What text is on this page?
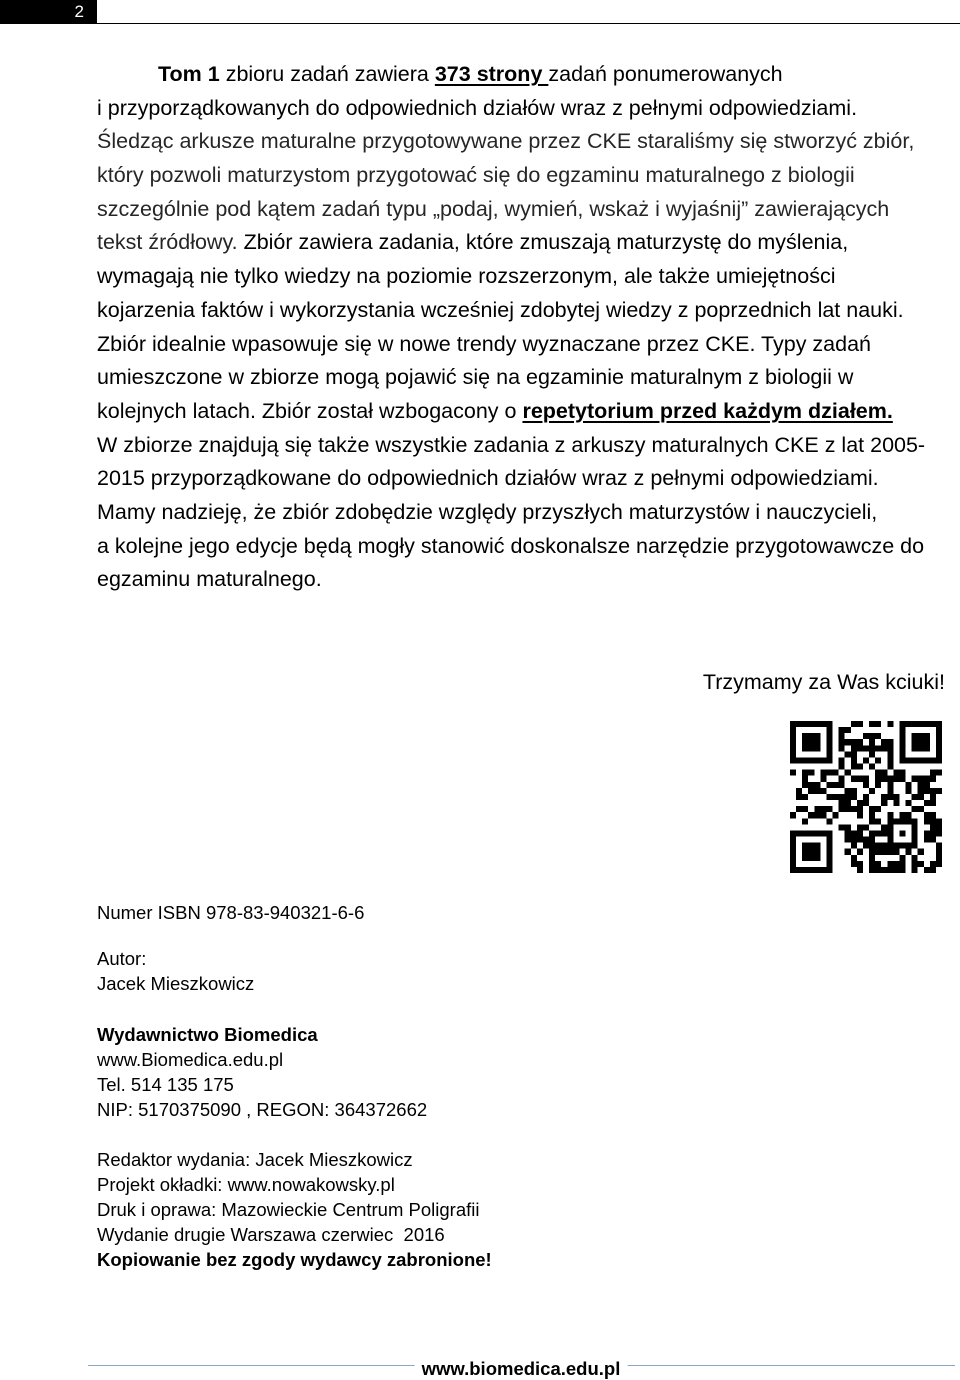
2
Tom 1 zbioru zadań zawiera 373 strony zadań ponumerowanych
i przyporządkowanych do odpowiednich działów wraz z pełnymi odpowiedziami.
Śledząc arkusze maturalne przygotowywane przez CKE staraliśmy się stworzyć zbiór,
który pozwoli maturzystom przygotować się do egzaminu maturalnego z biologii
szczególnie pod kątem zadań typu „podaj, wymień, wskaż i wyjaśnij” zawierających
tekst źródłowy. Zbiór zawiera zadania, które zmuszają maturzystę do myślenia,
wymagają nie tylko wiedzy na poziomie rozszerzonym, ale także umiejętności
kojarzenia faktów i wykorzystania wcześniej zdobytej wiedzy z poprzednich lat nauki.
Zbiór idealnie wpasowuje się w nowe trendy wyznaczane przez CKE. Typy zadań
umieszczone w zbiorze mogą pojawić się na egzaminie maturalnym z biologii w
kolejnych latach. Zbiór został wzbogacony o repetytorium przed każdym działem.
W zbiorze znajdują się także wszystkie zadania z arkuszy maturalnych CKE z lat 2005-
2015 przyporządkowane do odpowiednich działów wraz z pełnymi odpowiedziami.
Mamy nadzieję, że zbiór zdobędzie względy przyszłych maturzystów i nauczycieli,
a kolejne jego edycje będą mogły stanowić doskonalsze narzędzie przygotowawcze do
egzaminu maturalnego.
Trzymamy za Was kciuki!
Numer ISBN 978-83-940321-6-6
Autor:
Jacek Mieszkowicz
Wydawnictwo Biomedica
www.Biomedica.edu.pl
Tel. 514 135 175
NIP: 5170375090 , REGON: 364372662
Redaktor wydania: Jacek Mieszkowicz
Projekt okładki: www.nowakowsky.pl
Druk i oprawa: Mazowieckie Centrum Poligrafii
Wydanie drugie Warszawa czerwiec  2016
Kopiowanie bez zgody wydawcy zabronione!
www.biomedica.edu.pl
